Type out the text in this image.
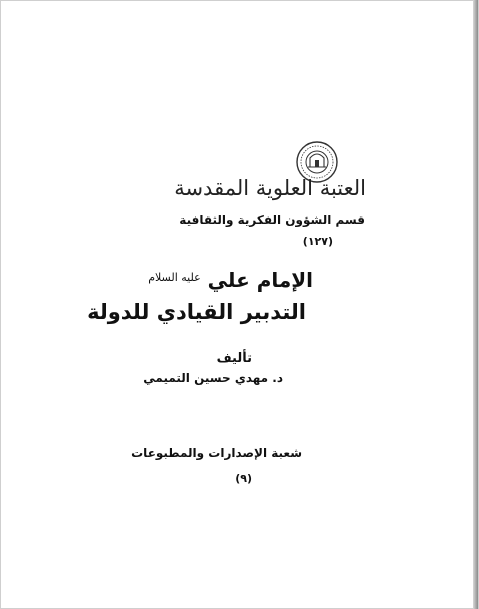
العتبة العلوية المقدسة
قسم الشؤون الفكرية والثقافية
(١٢٧)
الإمام علي $^{عليه السلام}$
التدبير القيادي للدولة
تأليف
د. مهدي حسين التميمي
شعبة الإصدارات والمطبوعات
(٩)
